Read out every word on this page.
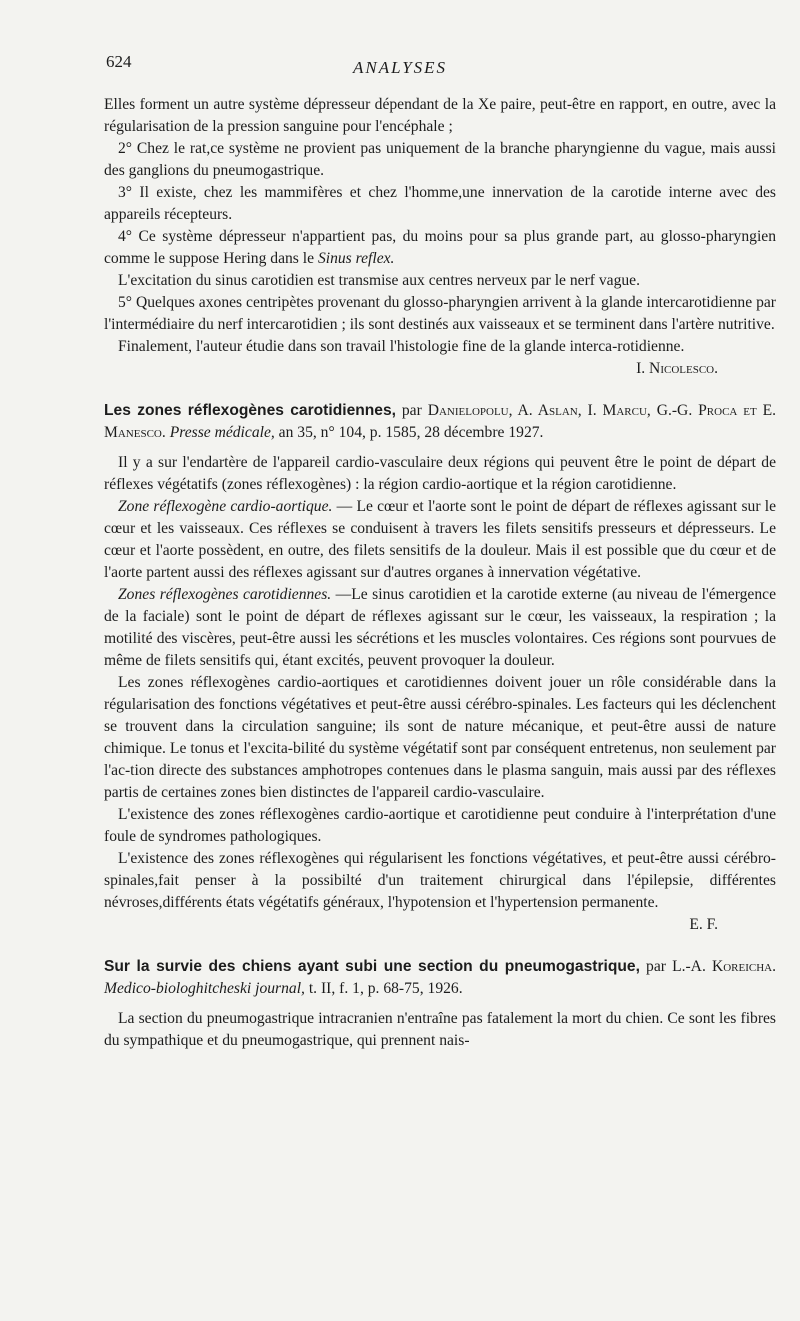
624	ANALYSES

Elles forment un autre système dépresseur dépendant de la Xe paire, peut-être en rapport, en outre, avec la régularisation de la pression sanguine pour l'encéphale ;

2° Chez le rat,ce système ne provient pas uniquement de la branche pharyngienne du vague, mais aussi des ganglions du pneumogastrique.

3° Il existe, chez les mammifères et chez l'homme,une innervation de la carotide interne avec des appareils récepteurs.

4° Ce système dépresseur n'appartient pas, du moins pour sa plus grande part, au glosso-pharyngien comme le suppose Hering dans le Sinus reflex.

L'excitation du sinus carotidien est transmise aux centres nerveux par le nerf vague.

5° Quelques axones centripètes provenant du glosso-pharyngien arrivent à la glande intercarotidienne par l'intermédiaire du nerf intercarotidien ; ils sont destinés aux vaisseaux et se terminent dans l'artère nutritive.

Finalement, l'auteur étudie dans son travail l'histologie fine de la glande interca-rotidienne.

I. Nicolesco.

Les zones réflexogènes carotidiennes, par Danielopolu, A. Aslan, I. Marcu, G.-G. Proca et E. Manesco. Presse médicale, an 35, n° 104, p. 1585, 28 décembre 1927.

Il y a sur l'endartère de l'appareil cardio-vasculaire deux régions qui peuvent être le point de départ de réflexes végétatifs (zones réflexogènes) : la région cardio-aortique et la région carotidienne.

Zone réflexogène cardio-aortique. — Le cœur et l'aorte sont le point de départ de réflexes agissant sur le cœur et les vaisseaux. Ces réflexes se conduisent à travers les filets sensitifs presseurs et dépresseurs. Le cœur et l'aorte possèdent, en outre, des filets sensitifs de la douleur. Mais il est possible que du cœur et de l'aorte partent aussi des réflexes agissant sur d'autres organes à innervation végétative.

Zones réflexogènes carotidiennes. —Le sinus carotidien et la carotide externe (au niveau de l'émergence de la faciale) sont le point de départ de réflexes agissant sur le cœur, les vaisseaux, la respiration ; la motilité des viscères, peut-être aussi les sécrétions et les muscles volontaires. Ces régions sont pourvues de même de filets sensitifs qui, étant excités, peuvent provoquer la douleur.

Les zones réflexogènes cardio-aortiques et carotidiennes doivent jouer un rôle considérable dans la régularisation des fonctions végétatives et peut-être aussi cérébro-spinales. Les facteurs qui les déclenchent se trouvent dans la circulation sanguine; ils sont de nature mécanique, et peut-être aussi de nature chimique. Le tonus et l'excita-bilité du système végétatif sont par conséquent entretenus, non seulement par l'ac-tion directe des substances amphotropes contenues dans le plasma sanguin, mais aussi par des réflexes partis de certaines zones bien distinctes de l'appareil cardio-vasculaire.

L'existence des zones réflexogènes cardio-aortique et carotidienne peut conduire à l'interprétation d'une foule de syndromes pathologiques.

L'existence des zones réflexogènes qui régularisent les fonctions végétatives, et peut-être aussi cérébro-spinales,fait penser à la possibilté d'un traitement chirurgical dans l'épilepsie, différentes névroses,différents états végétatifs généraux, l'hypotension et l'hypertension permanente.

E. F.

Sur la survie des chiens ayant subi une section du pneumogastrique, par L.-A. Koreicha. Medico-biologhitcheski journal, t. II, f. 1, p. 68-75, 1926.

La section du pneumogastrique intracranien n'entraîne pas fatalement la mort du chien. Ce sont les fibres du sympathique et du pneumogastrique, qui prennent nais-
